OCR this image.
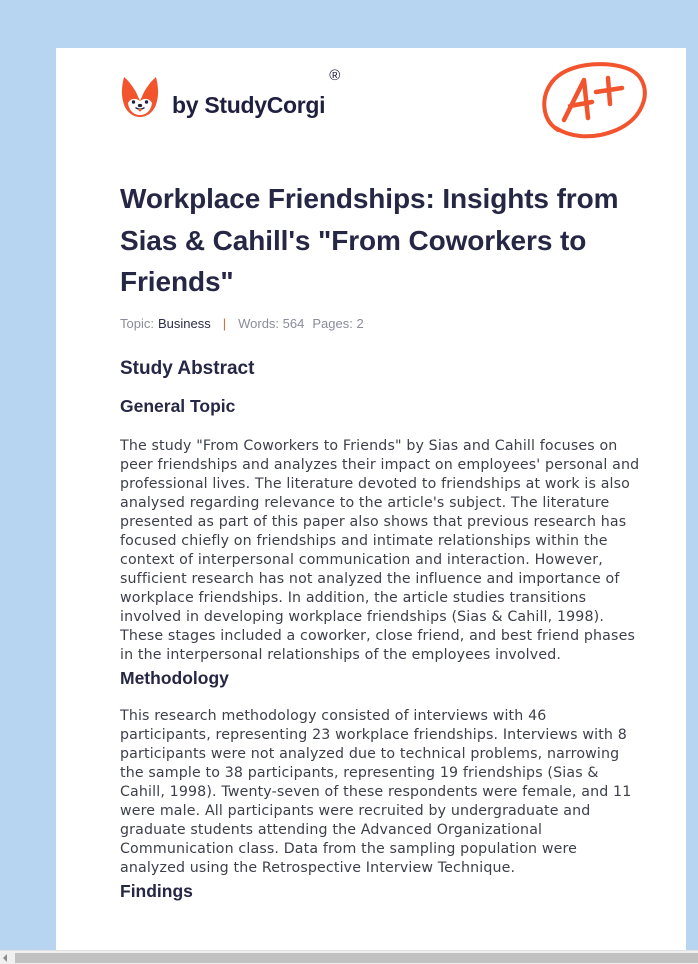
by StudyCorgi
®
Workplace Friendships: Insights from Sias & Cahill's "From Coworkers to Friends"
Topic: Business | Words: 564 Pages: 2
Study Abstract
General Topic

The study "From Coworkers to Friends" by Sias and Cahill focuses on peer friendships and analyzes their impact on employees' personal and professional lives. The literature devoted to friendships at work is also analysed regarding relevance to the article's subject. The literature presented as part of this paper also shows that previous research has focused chiefly on friendships and intimate relationships within the context of interpersonal communication and interaction. However, sufficient research has not analyzed the influence and importance of workplace friendships. In addition, the article studies transitions involved in developing workplace friendships (Sias & Cahill, 1998). These stages included a coworker, close friend, and best friend phases in the interpersonal relationships of the employees involved.

Methodology

This research methodology consisted of interviews with 46 participants, representing 23 workplace friendships. Interviews with 8 participants were not analyzed due to technical problems, narrowing the sample to 38 participants, representing 19 friendships (Sias & Cahill, 1998). Twenty-seven of these respondents were female, and 11 were male. All participants were recruited by undergraduate and graduate students attending the Advanced Organizational Communication class. Data from the sampling population were analyzed using the Retrospective Interview Technique.

Findings
